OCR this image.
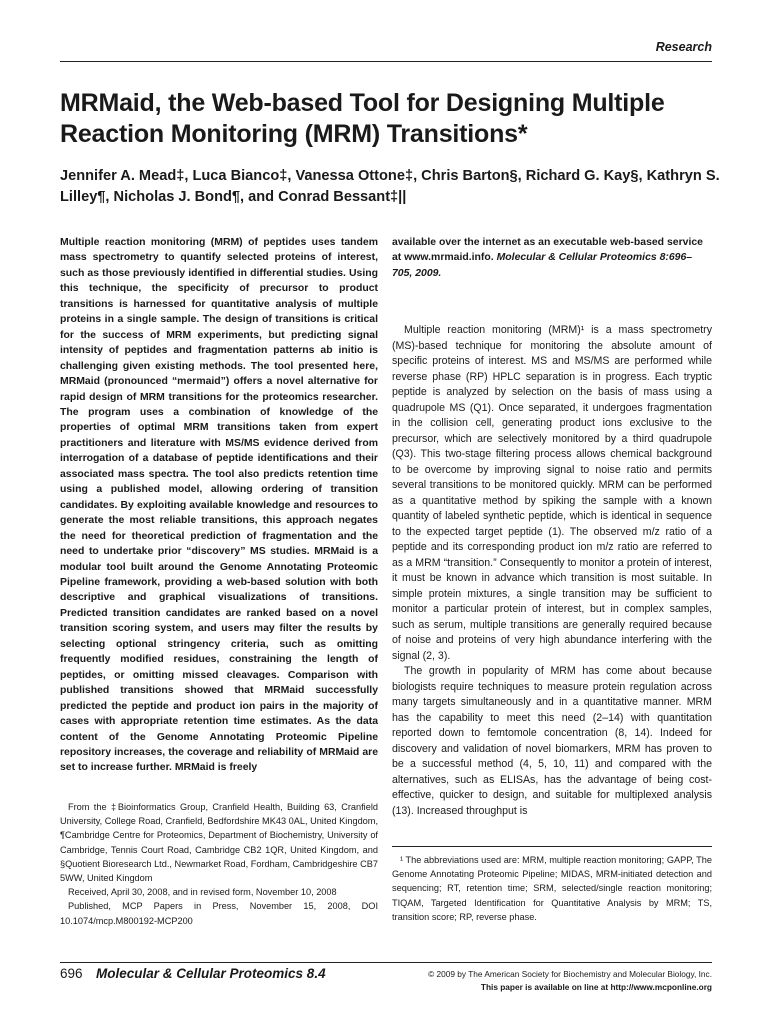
Research
MRMaid, the Web-based Tool for Designing Multiple Reaction Monitoring (MRM) Transitions*

Jennifer A. Mead‡, Luca Bianco‡, Vanessa Ottone‡, Chris Barton§, Richard G. Kay§, Kathryn S. Lilley¶, Nicholas J. Bond¶, and Conrad Bessant‡||

Multiple reaction monitoring (MRM) of peptides uses tandem mass spectrometry to quantify selected proteins of interest, such as those previously identified in differential studies. Using this technique, the specificity of precursor to product transitions is harnessed for quantitative analysis of multiple proteins in a single sample. The design of transitions is critical for the success of MRM experiments, but predicting signal intensity of peptides and fragmentation patterns ab initio is challenging given existing methods. The tool presented here, MRMaid (pronounced “mermaid”) offers a novel alternative for rapid design of MRM transitions for the proteomics researcher. The program uses a combination of knowledge of the properties of optimal MRM transitions taken from expert practitioners and literature with MS/MS evidence derived from interrogation of a database of peptide identifications and their associated mass spectra. The tool also predicts retention time using a published model, allowing ordering of transition candidates. By exploiting available knowledge and resources to generate the most reliable transitions, this approach negates the need for theoretical prediction of fragmentation and the need to undertake prior “discovery” MS studies. MRMaid is a modular tool built around the Genome Annotating Proteomic Pipeline framework, providing a web-based solution with both descriptive and graphical visualizations of transitions. Predicted transition candidates are ranked based on a novel transition scoring system, and users may filter the results by selecting optional stringency criteria, such as omitting frequently modified residues, constraining the length of peptides, or omitting missed cleavages. Comparison with published transitions showed that MRMaid successfully predicted the peptide and product ion pairs in the majority of cases with appropriate retention time estimates. As the data content of the Genome Annotating Proteomic Pipeline repository increases, the coverage and reliability of MRMaid are set to increase further. MRMaid is freely

available over the internet as an executable web-based service at www.mrmaid.info. Molecular & Cellular Proteomics 8:696–705, 2009.

Multiple reaction monitoring (MRM)¹ is a mass spectrometry (MS)-based technique for monitoring the absolute amount of specific proteins of interest. MS and MS/MS are performed while reverse phase (RP) HPLC separation is in progress. Each tryptic peptide is analyzed by selection on the basis of mass using a quadrupole MS (Q1). Once separated, it undergoes fragmentation in the collision cell, generating product ions exclusive to the precursor, which are selectively monitored by a third quadrupole (Q3). This two-stage filtering process allows chemical background to be overcome by improving signal to noise ratio and permits several transitions to be monitored quickly. MRM can be performed as a quantitative method by spiking the sample with a known quantity of labeled synthetic peptide, which is identical in sequence to the expected target peptide (1). The observed m/z ratio of a peptide and its corresponding product ion m/z ratio are referred to as a MRM “transition.” Consequently to monitor a protein of interest, it must be known in advance which transition is most suitable. In simple protein mixtures, a single transition may be sufficient to monitor a particular protein of interest, but in complex samples, such as serum, multiple transitions are generally required because of noise and proteins of very high abundance interfering with the signal (2, 3).

The growth in popularity of MRM has come about because biologists require techniques to measure protein regulation across many targets simultaneously and in a quantitative manner. MRM has the capability to meet this need (2–14) with quantitation reported down to femtomole concentration (8, 14). Indeed for discovery and validation of novel biomarkers, MRM has proven to be a successful method (4, 5, 10, 11) and compared with the alternatives, such as ELISAs, has the advantage of being cost-effective, quicker to design, and suitable for multiplexed analysis (13). Increased throughput is

From the ‡Bioinformatics Group, Cranfield Health, Building 63, Cranfield University, College Road, Cranfield, Bedfordshire MK43 0AL, United Kingdom, ¶Cambridge Centre for Proteomics, Department of Biochemistry, University of Cambridge, Tennis Court Road, Cambridge CB2 1QR, United Kingdom, and §Quotient Bioresearch Ltd., Newmarket Road, Fordham, Cambridgeshire CB7 5WW, United Kingdom

Received, April 30, 2008, and in revised form, November 10, 2008

Published, MCP Papers in Press, November 15, 2008, DOI 10.1074/mcp.M800192-MCP200

¹ The abbreviations used are: MRM, multiple reaction monitoring; GAPP, The Genome Annotating Proteomic Pipeline; MIDAS, MRM-initiated detection and sequencing; RT, retention time; SRM, selected/single reaction monitoring; TIQAM, Targeted Identification for Quantitative Analysis by MRM; TS, transition score; RP, reverse phase.

696 Molecular & Cellular Proteomics 8.4	© 2009 by The American Society for Biochemistry and Molecular Biology, Inc.
This paper is available on line at http://www.mcponline.org
